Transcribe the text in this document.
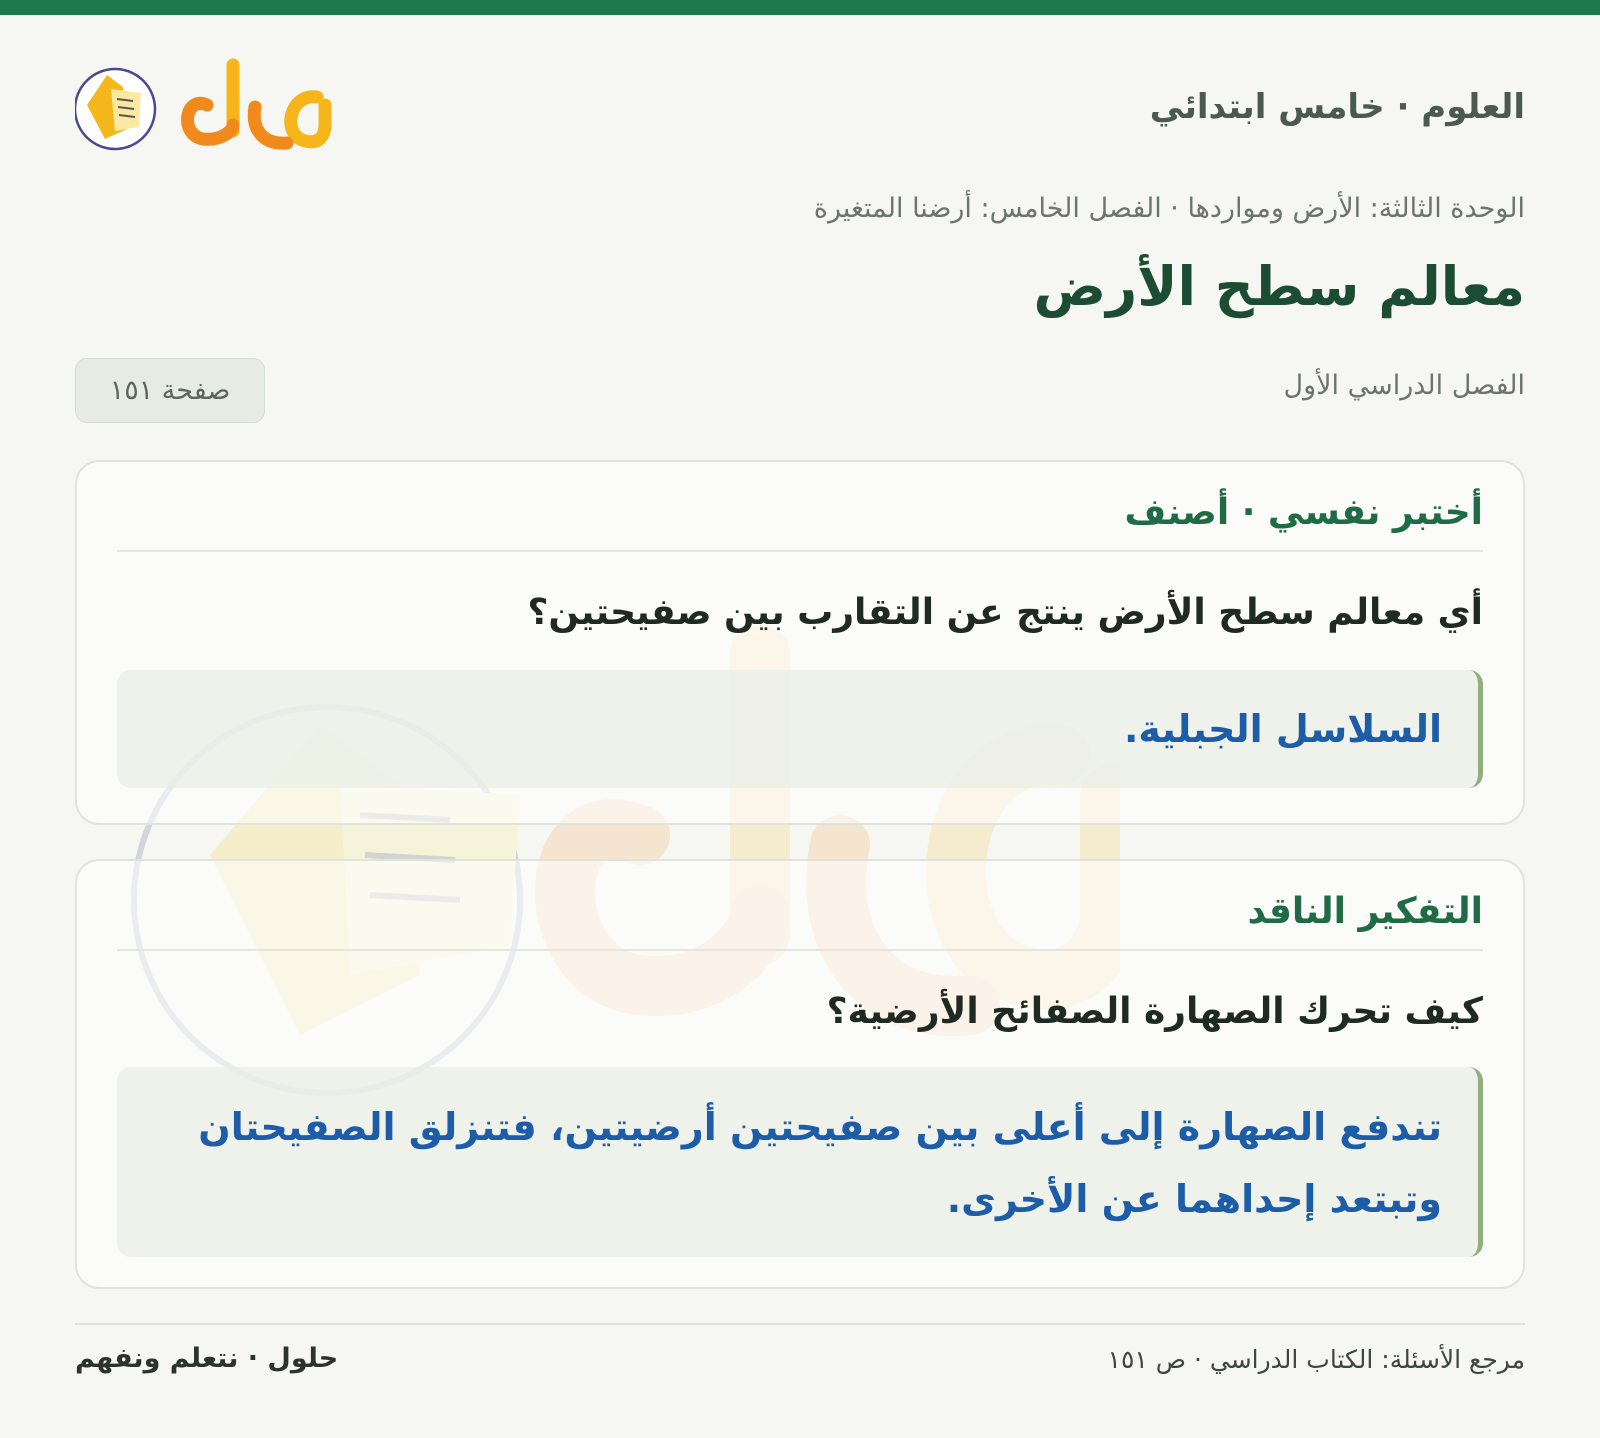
العلوم · خامس ابتدائي
الوحدة الثالثة: الأرض ومواردها · الفصل الخامس: أرضنا المتغيرة
معالم سطح الأرض
الفصل الدراسي الأول
صفحة ١٥١
أختبر نفسي · أصنف
أي معالم سطح الأرض ينتج عن التقارب بين صفيحتين؟
السلاسل الجبلية.
التفكير الناقد
كيف تحرك الصهارة الصفائح الأرضية؟
تندفع الصهارة إلى أعلى بين صفيحتين أرضيتين، فتنزلق الصفيحتان وتبتعد إحداهما عن الأخرى.
مرجع الأسئلة: الكتاب الدراسي · ص ١٥١
حلول · نتعلم ونفهم
